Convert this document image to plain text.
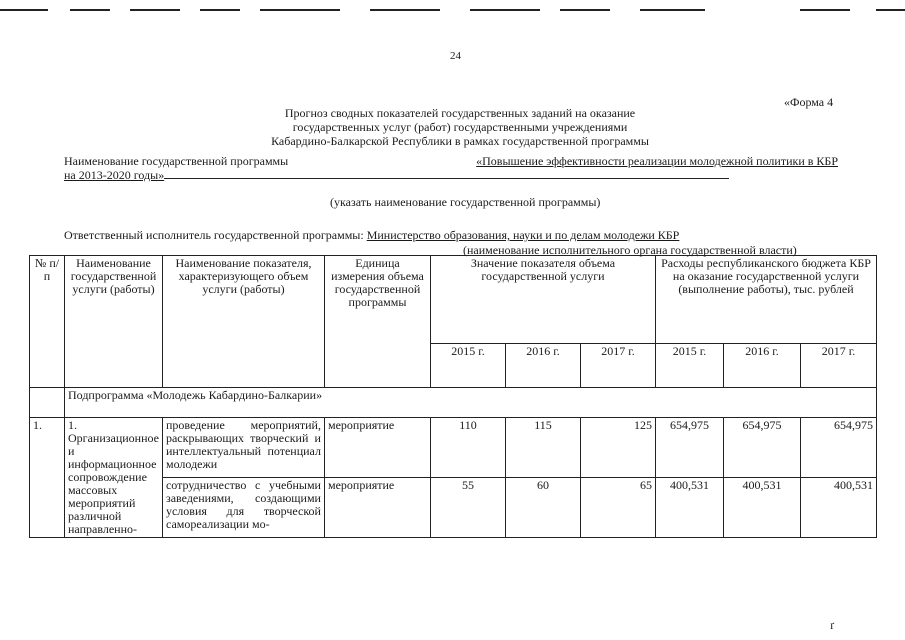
24
«Форма 4
Прогноз сводных показателей государственных заданий на оказание
государственных услуг (работ) государственными учреждениями
Кабардино-Балкарской Республики в рамках государственной программы
Наименование государственной программы	«Повышение эффективности реализации молодежной политики в КБР
на 2013-2020 годы»
(указать наименование государственной программы)
Ответственный исполнитель государственной программы: Министерство образования, науки и по делам молодежи КБР
(наименование исполнительного органа государственной власти)
№ п/п	Наименование государственной услуги (работы)	Наименование показателя, характеризующего объем услуги (работы)	Единица измерения объема государственной программы	Значение показателя объема государственной услуги			Расходы республиканского бюджета КБР на оказание государственной услуги (выполнение работы), тыс. рублей		
				2015 г.	2016 г.	2017 г.	2015 г.	2016 г.	2017 г.
	Подпрограмма «Молодежь Кабардино-Балкарии»								
1.	1. Организационное и информационное сопровождение массовых мероприятий различной направленно-	проведение мероприятий, раскрывающих творческий и интеллектуальный потенциал молодежи	мероприятие	110	115	125	654,975	654,975	654,975
		сотрудничество с учебными заведениями, создающими условия для творческой самореализации мо-	мероприятие	55	60	65	400,531	400,531	400,531
ґ
